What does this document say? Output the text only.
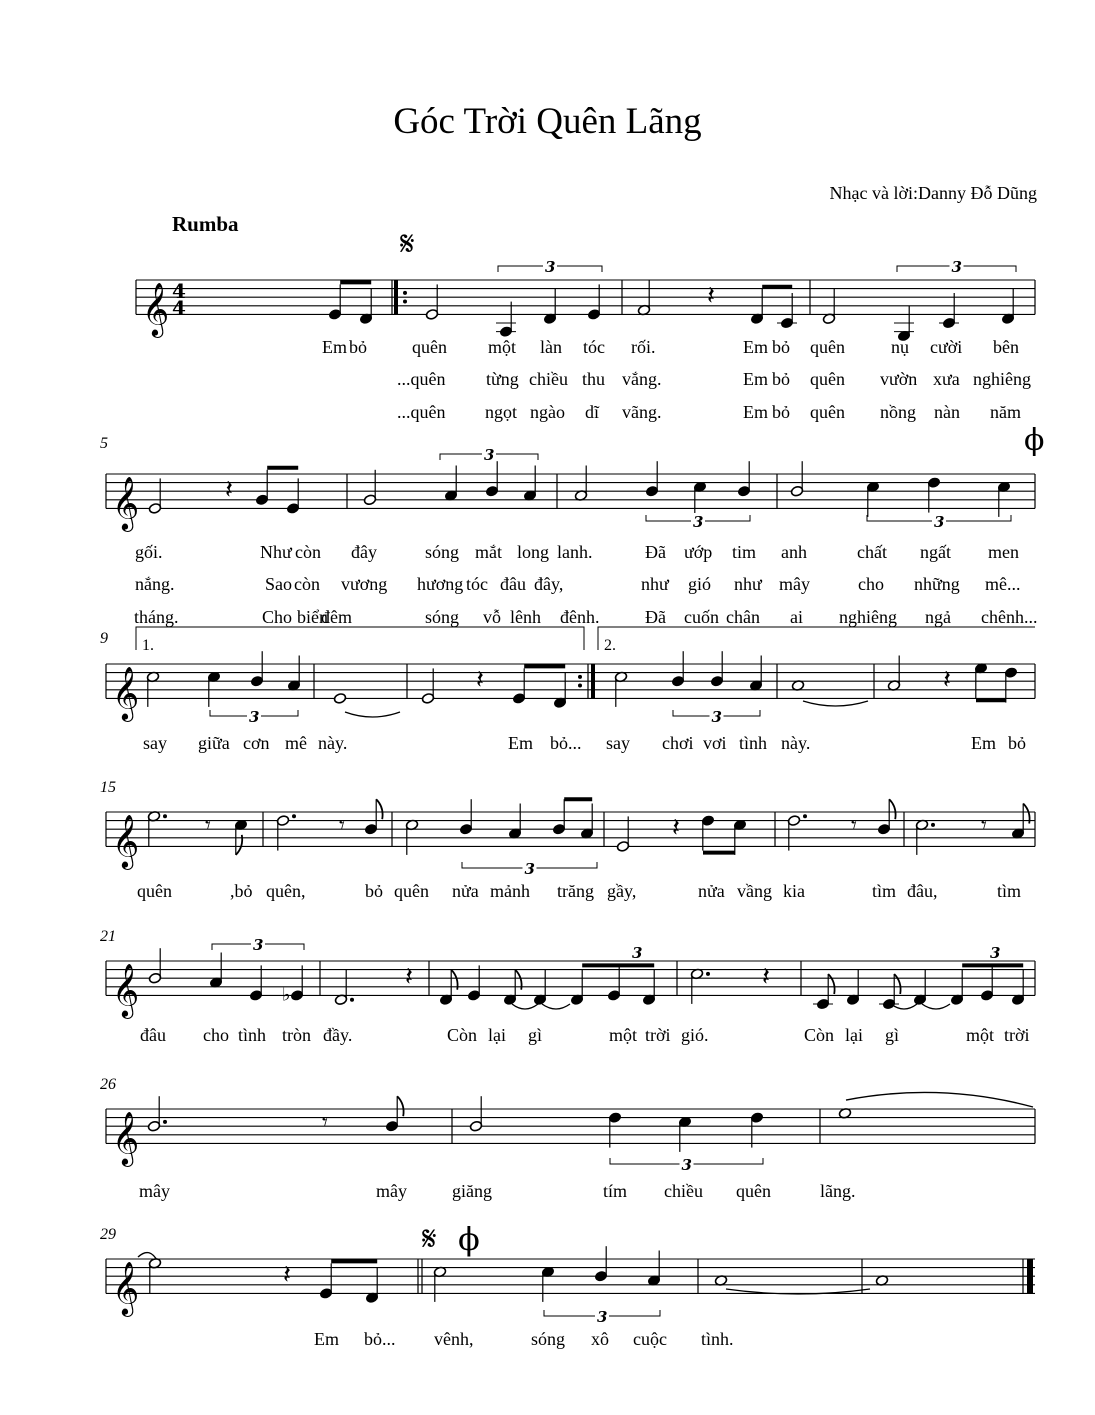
Góc Trời Quên Lãng
Nhạc và lời:Danny Đỗ Dũng
Rumba
𝄞
𝄞
𝄞
𝄞
𝄞
𝄞
𝄞
4
4
𝄋
3
𝄽
3
𝄽
3
3	3
ϕ
3
𝄽
3
𝄽
𝄾	𝄾
3
𝄽	𝄾	𝄾
♭
3
𝄽
3
𝄽
3
𝄾
3
𝄽
𝄋 ϕ
3
5
9
15
21
26
29
1.	2.
Em bỏ	quên một làn tóc rối.	Em bỏ quên	nụ cười bên
...quên từng chiều thu vắng.	Em bỏ quên vườn xưa nghiêng
...quên ngọt ngào dĩ vãng.	Em bỏ quên nồng nàn năm
gối.	Như còn đây	sóng mắt long lanh.	Đã ướp tim anh	chất ngất men
nắng.	Sao còn vương hương tóc đâu đây,	như gió như mây	cho những mê...
tháng.	Cho biển
đêm	sóng vỗ lênh đênh.	Đã cuốn chân ai nghiêng ngả chênh...
say giữa cơn mê này.	Em bỏ... say chơi vơi tình này.	Em bỏ
quên	,bỏ quên,	bỏ quên nửa mảnh trăng gầy,	nửa vầng kia	tìm đâu,	tìm
đâu cho tình tròn đầy.	Còn lại gì	một trời gió.	Còn lại gì	một trời
mây	mây	giăng	tím chiều quên	lãng.
Em bỏ... vênh,	sóng xô cuộc tình.
